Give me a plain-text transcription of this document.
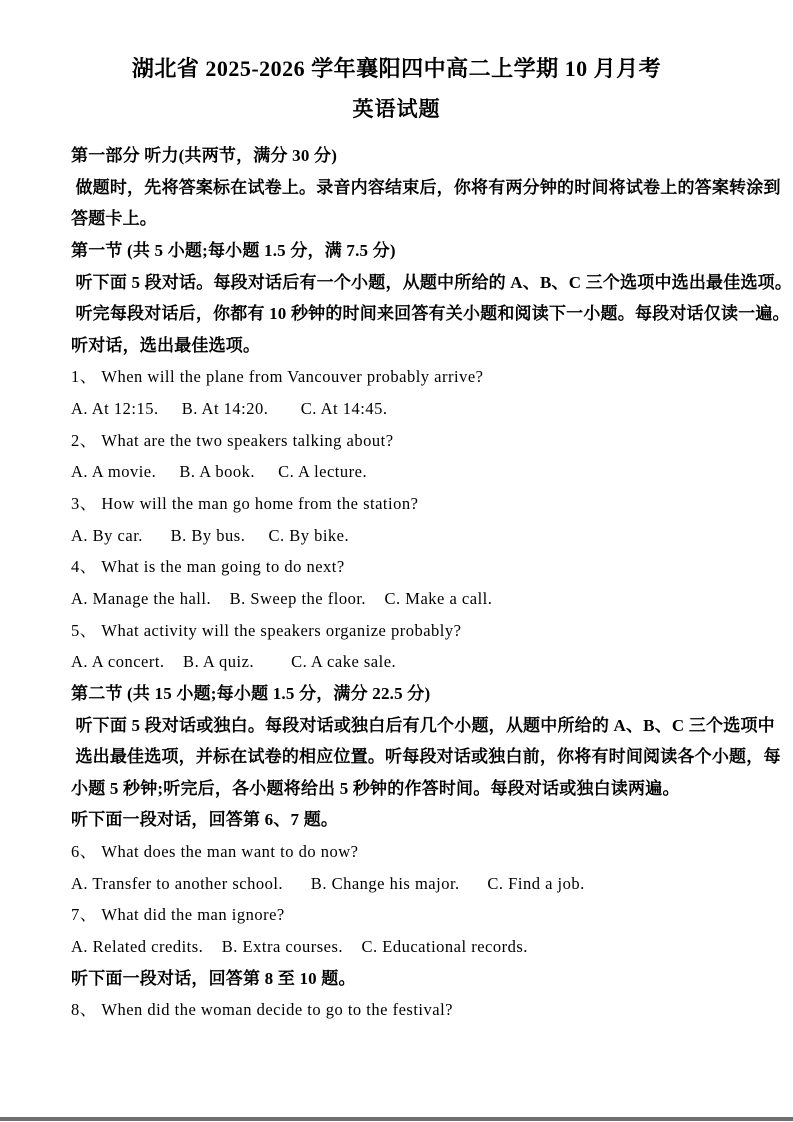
湖北省 2025-2026 学年襄阳四中高二上学期 10 月月考
英语试题
第一部分 听力(共两节，满分 30 分)
做题时，先将答案标在试卷上。录音内容结束后，你将有两分钟的时间将试卷上的答案转涂到
答题卡上。
第一节 (共 5 小题;每小题 1.5 分，满 7.5 分)
听下面 5 段对话。每段对话后有一个小题，从题中所给的 A、B、C 三个选项中选出最佳选项。
听完每段对话后，你都有 10 秒钟的时间来回答有关小题和阅读下一小题。每段对话仅读一遍。
听对话，选出最佳选项。
1、 When will the plane from Vancouver probably arrive?
A. At 12:15.     B. At 14:20.       C. At 14:45.
2、 What are the two speakers talking about?
A. A movie.     B. A book.     C. A lecture.
3、 How will the man go home from the station?
A. By car.      B. By bus.     C. By bike.
4、 What is the man going to do next?
A. Manage the hall.    B. Sweep the floor.    C. Make a call.
5、 What activity will the speakers organize probably?
A. A concert.    B. A quiz.        C. A cake sale.
第二节 (共 15 小题;每小题 1.5 分，满分 22.5 分)
听下面 5 段对话或独白。每段对话或独白后有几个小题，从题中所给的 A、B、C 三个选项中
选出最佳选项，并标在试卷的相应位置。听每段对话或独白前，你将有时间阅读各个小题，每
小题 5 秒钟;听完后，各小题将给出 5 秒钟的作答时间。每段对话或独白读两遍。
听下面一段对话，回答第 6、7 题。
6、 What does the man want to do now?
A. Transfer to another school.      B. Change his major.      C. Find a job.
7、 What did the man ignore?
A. Related credits.    B. Extra courses.    C. Educational records.
听下面一段对话，回答第 8 至 10 题。
8、 When did the woman decide to go to the festival?
